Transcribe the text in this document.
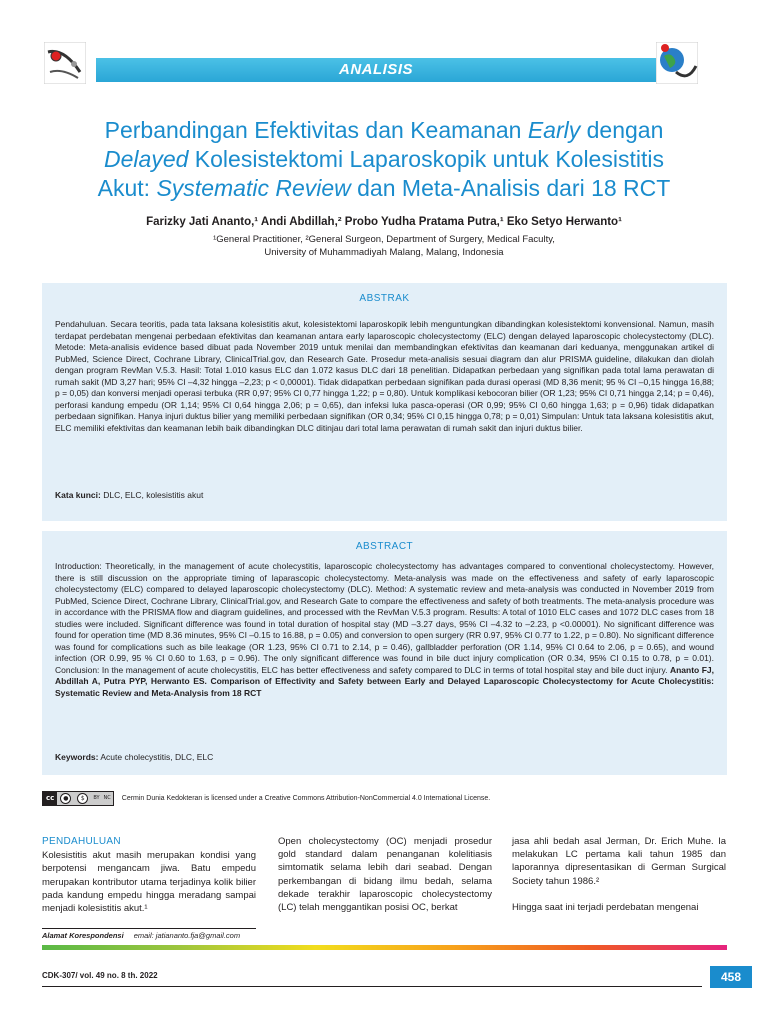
ANALISIS
Perbandingan Efektivitas dan Keamanan Early dengan
Delayed Kolesistektomi Laparoskopik untuk Kolesistitis
Akut: Systematic Review dan Meta-Analisis dari 18 RCT
Farizky Jati Ananto,¹ Andi Abdillah,² Probo Yudha Pratama Putra,¹ Eko Setyo Herwanto¹
¹General Practitioner, ²General Surgeon, Department of Surgery, Medical Faculty,
University of Muhammadiyah Malang, Malang, Indonesia
ABSTRAK
Pendahuluan. Secara teoritis, pada tata laksana kolesistitis akut, kolesistektomi laparoskopik lebih menguntungkan dibandingkan kolesistektomi konvensional. Namun, masih terdapat perdebatan mengenai perbedaan efektivitas dan keamanan antara early laparoscopic cholecystectomy (ELC) dengan delayed laparoscopic cholecystectomy (DLC). Metode: Meta-analisis evidence based dibuat pada November 2019 untuk menilai dan membandingkan efektivitas dan keamanan dari keduanya, menggunakan artikel di PubMed, Science Direct, Cochrane Library, ClinicalTrial.gov, dan Research Gate. Prosedur meta-analisis sesuai diagram dan alur PRISMA guideline, dilakukan dan diolah dengan program RevMan V.5.3. Hasil: Total 1.010 kasus ELC dan 1.072 kasus DLC dari 18 penelitian. Didapatkan perbedaan yang signifikan pada total lama perawatan di rumah sakit (MD 3,27 hari; 95% CI –4,32 hingga –2,23; p < 0,00001). Tidak didapatkan perbedaan signifikan pada durasi operasi (MD 8,36 menit; 95 % CI –0,15 hingga 16,88; p = 0,05) dan konversi menjadi operasi terbuka (RR 0,97; 95% CI 0,77 hingga 1,22; p = 0,80). Untuk komplikasi kebocoran bilier (OR 1,23; 95% CI 0,71 hingga 2,14; p = 0,46), perforasi kandung empedu (OR 1,14; 95% CI 0,64 hingga 2,06; p = 0,65), dan infeksi luka pasca-operasi (OR 0,99; 95% CI 0,60 hingga 1,63; p = 0,96) tidak didapatkan perbedaan signifikan. Hanya injuri duktus bilier yang memiliki perbedaan signifikan (OR 0,34; 95% CI 0,15 hingga 0,78; p = 0,01) Simpulan: Untuk tata laksana kolesistitis akut, ELC memiliki efektivitas dan keamanan lebih baik dibandingkan DLC ditinjau dari total lama perawatan di rumah sakit dan injuri duktus bilier.
Kata kunci: DLC, ELC, kolesistitis akut
ABSTRACT
Introduction: Theoretically, in the management of acute cholecystitis, laparoscopic cholecystectomy has advantages compared to conventional cholecystectomy. However, there is still discussion on the appropriate timing of laparascopic cholecystectomy. Meta-analysis was made on the effectiveness and safety of early laparoscopic cholecystectomy (ELC) compared to delayed laparoscopic cholecystectomy (DLC). Method: A systematic review and meta-analysis was conducted in November 2019 from PubMed, Science Direct, Cochrane Library, ClinicalTrial.gov, and Research Gate to compare the effectiveness and safety of both treatments. The meta-analysis procedure was in accordance with the PRISMA flow and diagram guidelines, and processed with the RevMan V.5.3 program. Results: A total of 1010 ELC cases and 1072 DLC cases from 18 studies were included. Significant difference was found in total duration of hospital stay (MD –3.27 days, 95% CI –4.32 to –2.23, p <0.00001). No significant difference was found for operation time (MD 8.36 minutes, 95% CI –0.15 to 16.88, p = 0.05) and conversion to open surgery (RR 0.97, 95% CI 0.77 to 1.22, p = 0.80). No significant difference was found for complications such as bile leakage (OR 1.23, 95% CI 0.71 to 2.14, p = 0.46), gallbladder perforation (OR 1.14, 95% CI 0.64 to 2.06, p = 0.65), and wound infection (OR 0.99, 95 % CI 0.60 to 1.63, p = 0.96). The only significant difference was found in bile duct injury complication (OR 0.34, 95% CI 0.15 to 0.78, p = 0.01). Conclusion: In the management of acute cholecystitis, ELC has better effectiveness and safety compared to DLC in terms of total hospital stay and bile duct injury. Ananto FJ, Abdillah A, Putra PYP, Herwanto ES. Comparison of Effectivity and Safety between Early and Delayed Laparoscopic Cholecystectomy for Acute Cholecystitis: Systematic Review and Meta-Analysis from 18 RCT
Keywords: Acute cholecystitis, DLC, ELC
cc	●	$	BY NC Cermin Dunia Kedokteran is licensed under a Creative Commons Attribution-NonCommercial 4.0 International License.
PENDAHULUAN

Kolesistitis akut masih merupakan kondisi yang berpotensi mengancam jiwa. Batu empedu merupakan kontributor utama terjadinya kolik bilier pada kandung empedu hingga meradang sampai menjadi kolesistitis akut.¹

Open cholecystectomy (OC) menjadi prosedur gold standard dalam penanganan kolelitiasis simtomatik selama lebih dari seabad. Dengan perkembangan di bidang ilmu bedah, selama dekade terakhir laparoscopic cholecystectomy (LC) telah menggantikan posisi OC, berkat

jasa ahli bedah asal Jerman, Dr. Erich Muhe. Ia melakukan LC pertama kali tahun 1985 dan laporannya dipresentasikan di German Surgical Society tahun 1986.²

Hingga saat ini terjadi perdebatan mengenai

Alamat Korespondensi email: jatiananto.fja@gmail.com
CDK-307/ vol. 49 no. 8 th. 2022	458
